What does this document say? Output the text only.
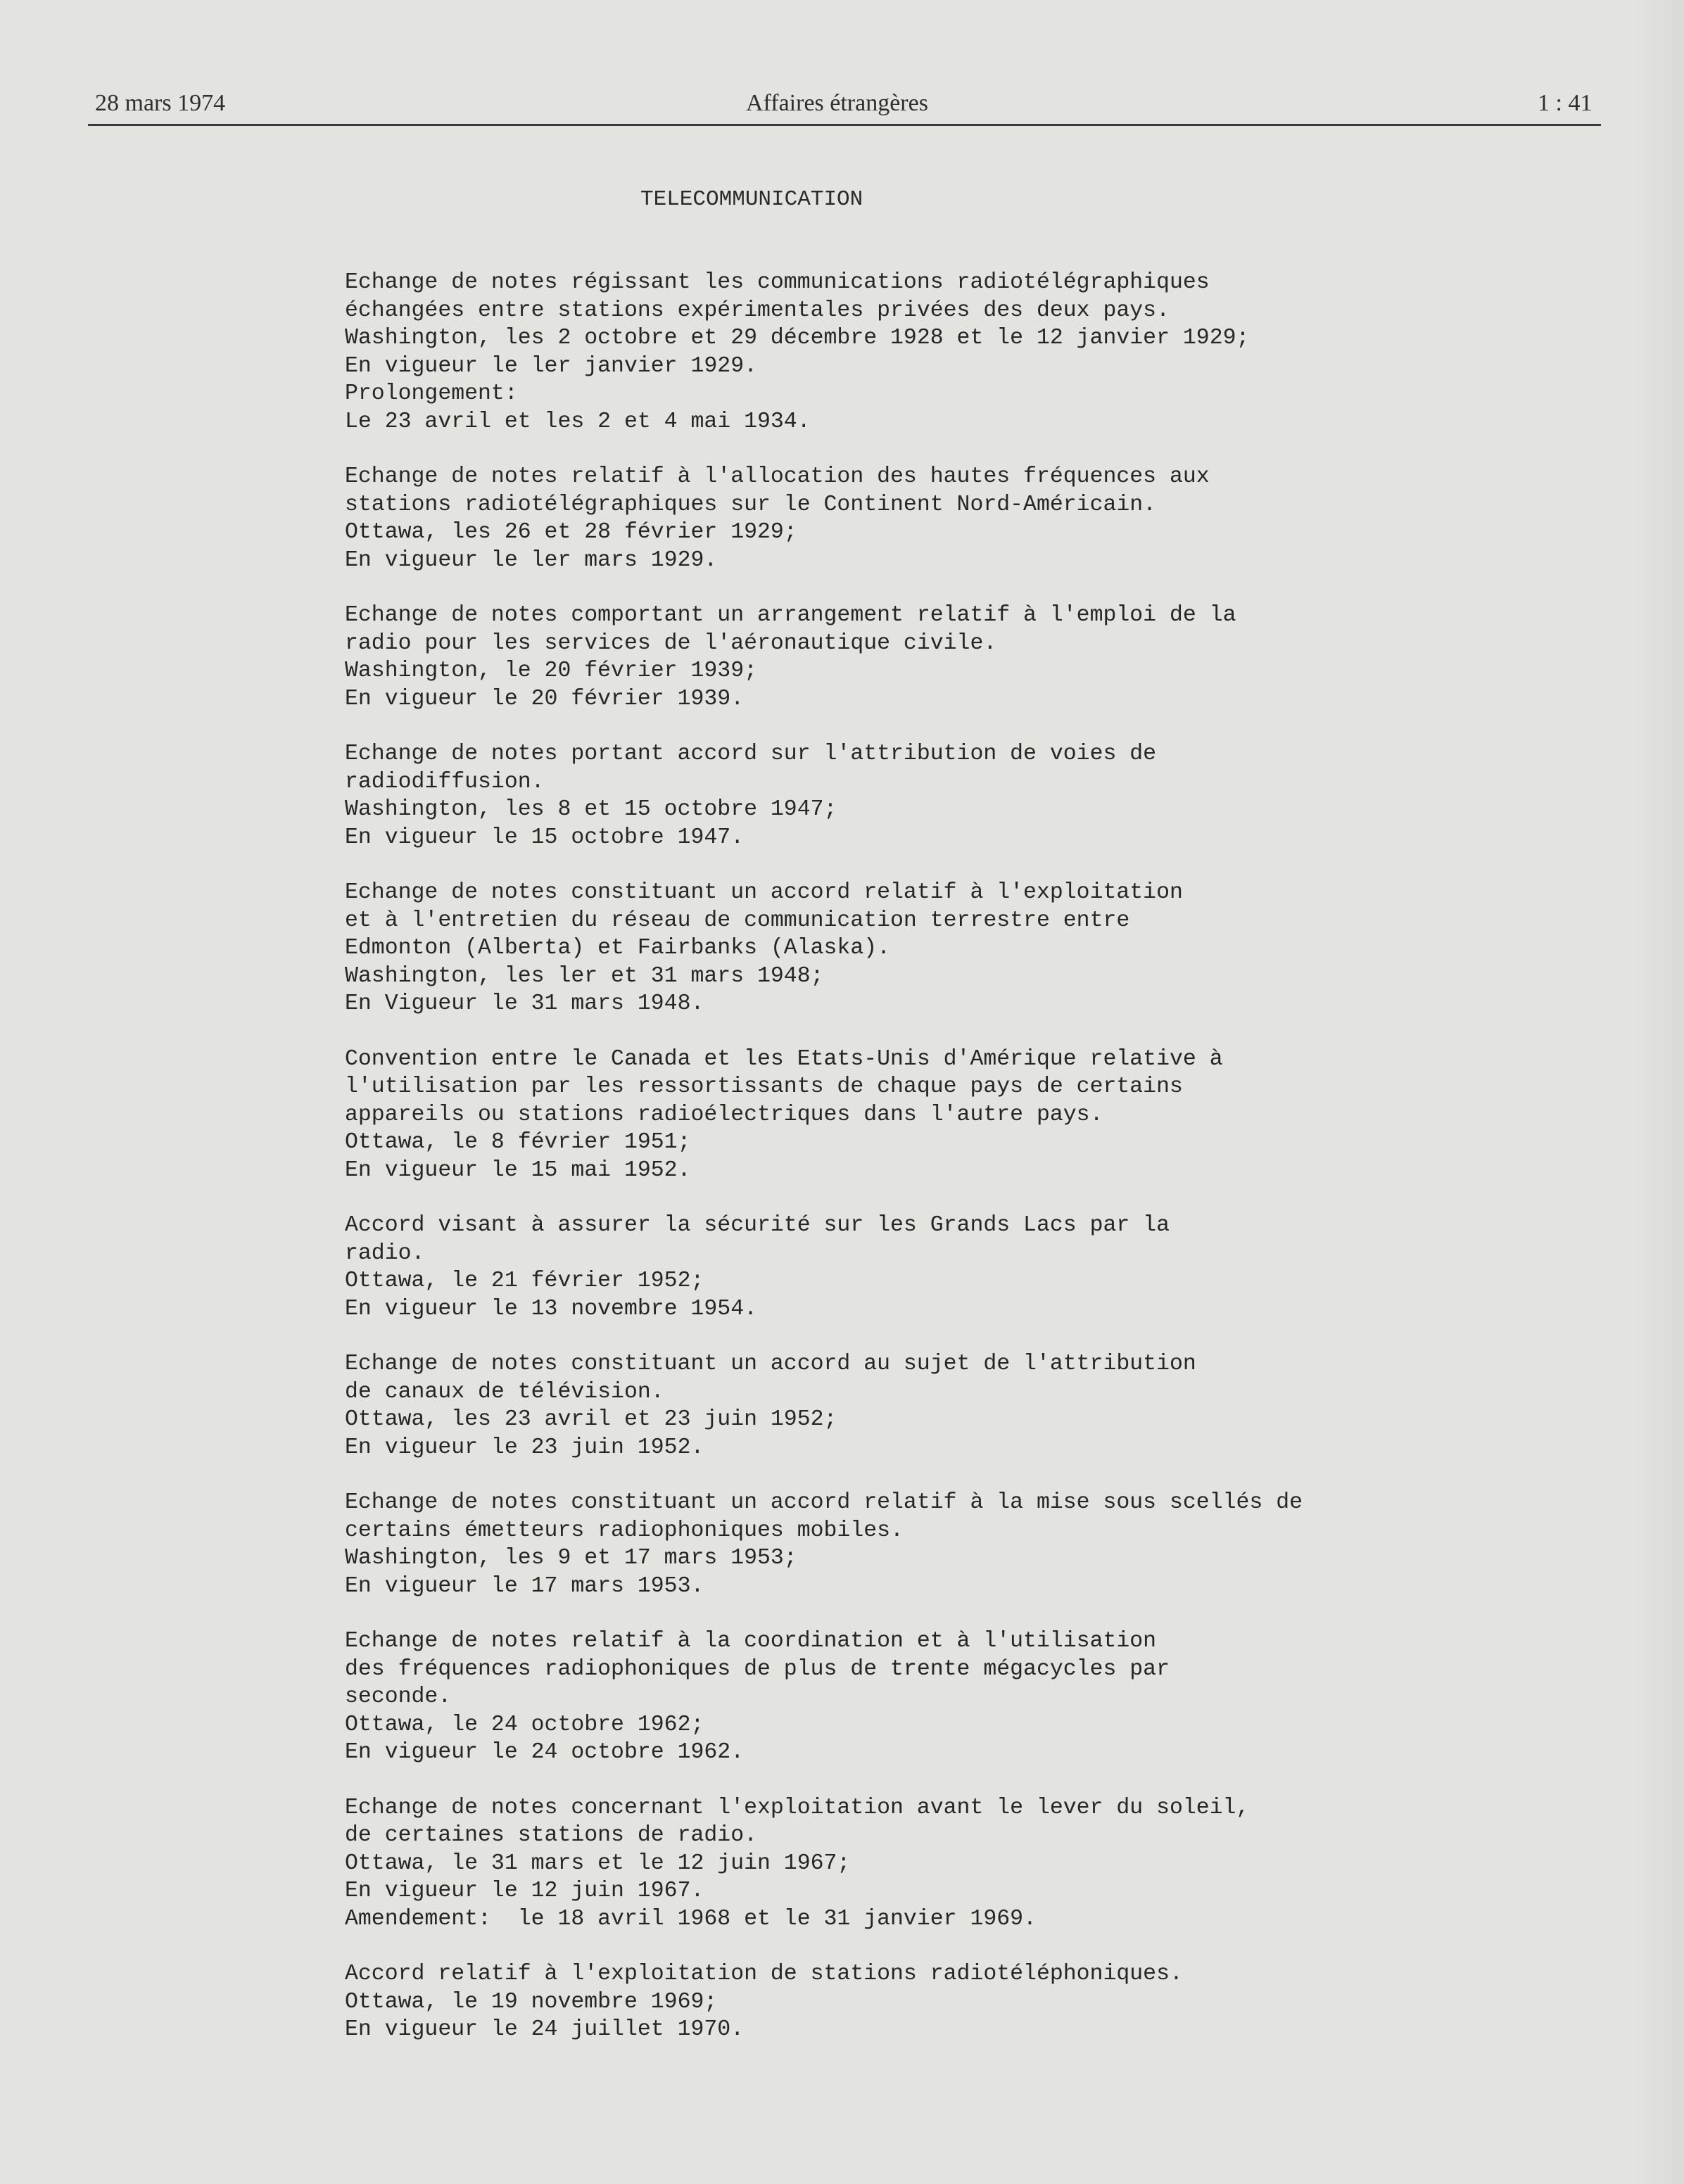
28 mars 1974	Affaires étrangères	1 : 41
TELECOMMUNICATION
Echange de notes régissant les communications radiotélégraphiques
échangées entre stations expérimentales privées des deux pays.
Washington, les 2 octobre et 29 décembre 1928 et le 12 janvier 1929;
En vigueur le ler janvier 1929.
Prolongement:
Le 23 avril et les 2 et 4 mai 1934.
Echange de notes relatif à l'allocation des hautes fréquences aux
stations radiotélégraphiques sur le Continent Nord-Américain.
Ottawa, les 26 et 28 février 1929;
En vigueur le ler mars 1929.
Echange de notes comportant un arrangement relatif à l'emploi de la
radio pour les services de l'aéronautique civile.
Washington, le 20 février 1939;
En vigueur le 20 février 1939.
Echange de notes portant accord sur l'attribution de voies de
radiodiffusion.
Washington, les 8 et 15 octobre 1947;
En vigueur le 15 octobre 1947.
Echange de notes constituant un accord relatif à l'exploitation
et à l'entretien du réseau de communication terrestre entre
Edmonton (Alberta) et Fairbanks (Alaska).
Washington, les ler et 31 mars 1948;
En Vigueur le 31 mars 1948.
Convention entre le Canada et les Etats-Unis d'Amérique relative à
l'utilisation par les ressortissants de chaque pays de certains
appareils ou stations radioélectriques dans l'autre pays.
Ottawa, le 8 février 1951;
En vigueur le 15 mai 1952.
Accord visant à assurer la sécurité sur les Grands Lacs par la
radio.
Ottawa, le 21 février 1952;
En vigueur le 13 novembre 1954.
Echange de notes constituant un accord au sujet de l'attribution
de canaux de télévision.
Ottawa, les 23 avril et 23 juin 1952;
En vigueur le 23 juin 1952.
Echange de notes constituant un accord relatif à la mise sous scellés de
certains émetteurs radiophoniques mobiles.
Washington, les 9 et 17 mars 1953;
En vigueur le 17 mars 1953.
Echange de notes relatif à la coordination et à l'utilisation
des fréquences radiophoniques de plus de trente mégacycles par
seconde.
Ottawa, le 24 octobre 1962;
En vigueur le 24 octobre 1962.
Echange de notes concernant l'exploitation avant le lever du soleil,
de certaines stations de radio.
Ottawa, le 31 mars et le 12 juin 1967;
En vigueur le 12 juin 1967.
Amendement:  le 18 avril 1968 et le 31 janvier 1969.
Accord relatif à l'exploitation de stations radiotéléphoniques.
Ottawa, le 19 novembre 1969;
En vigueur le 24 juillet 1970.
